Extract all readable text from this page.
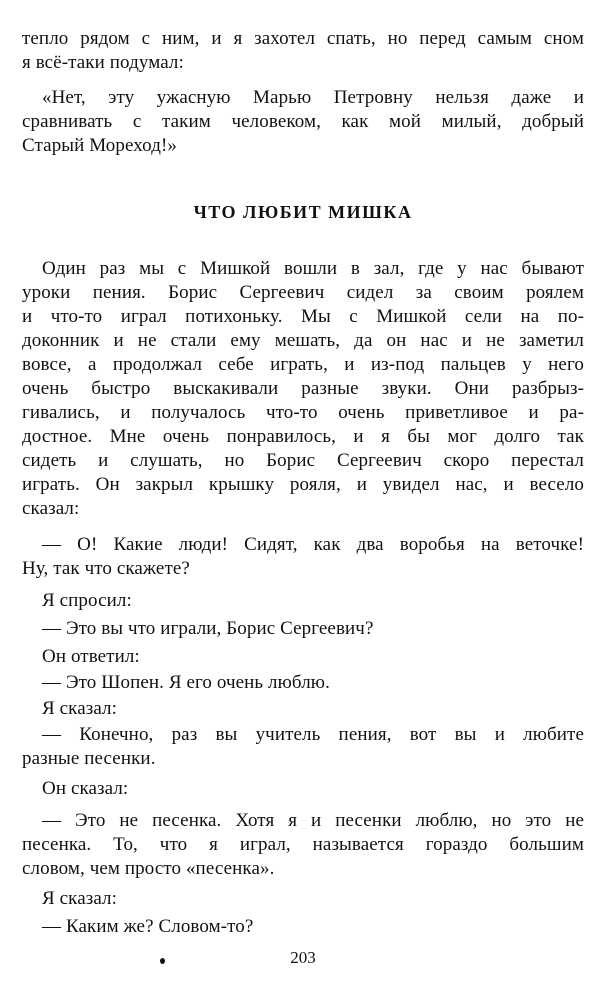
тепло рядом с ним, и я захотел спать, но перед самым сном
я всё-таки подумал:
«Нет, эту ужасную Марью Петровну нельзя даже и
сравнивать с таким человеком, как мой милый, добрый
Старый Мореход!»
ЧТО ЛЮБИТ МИШКА
Один раз мы с Мишкой вошли в зал, где у нас бывают
уроки пения. Борис Сергеевич сидел за своим роялем
и что-то играл потихоньку. Мы с Мишкой сели на по-
доконник и не стали ему мешать, да он нас и не заметил
вовсе, а продолжал себе играть, и из-под пальцев у него
очень быстро выскакивали разные звуки. Они разбрыз-
гивались, и получалось что-то очень приветливое и ра-
достное. Мне очень понравилось, и я бы мог долго так
сидеть и слушать, но Борис Сергеевич скоро перестал
играть. Он закрыл крышку рояля, и увидел нас, и весело
сказал:
— О! Какие люди! Сидят, как два воробья на веточке!
Ну, так что скажете?
Я спросил:
— Это вы что играли, Борис Сергеевич?
Он ответил:
— Это Шопен. Я его очень люблю.
Я сказал:
— Конечно, раз вы учитель пения, вот вы и любите
разные песенки.
Он сказал:
— Это не песенка. Хотя я и песенки люблю, но это не
песенка. То, что я играл, называется гораздо большим
словом, чем просто «песенка».
203
Я сказал:
— Каким же? Словом-то?
